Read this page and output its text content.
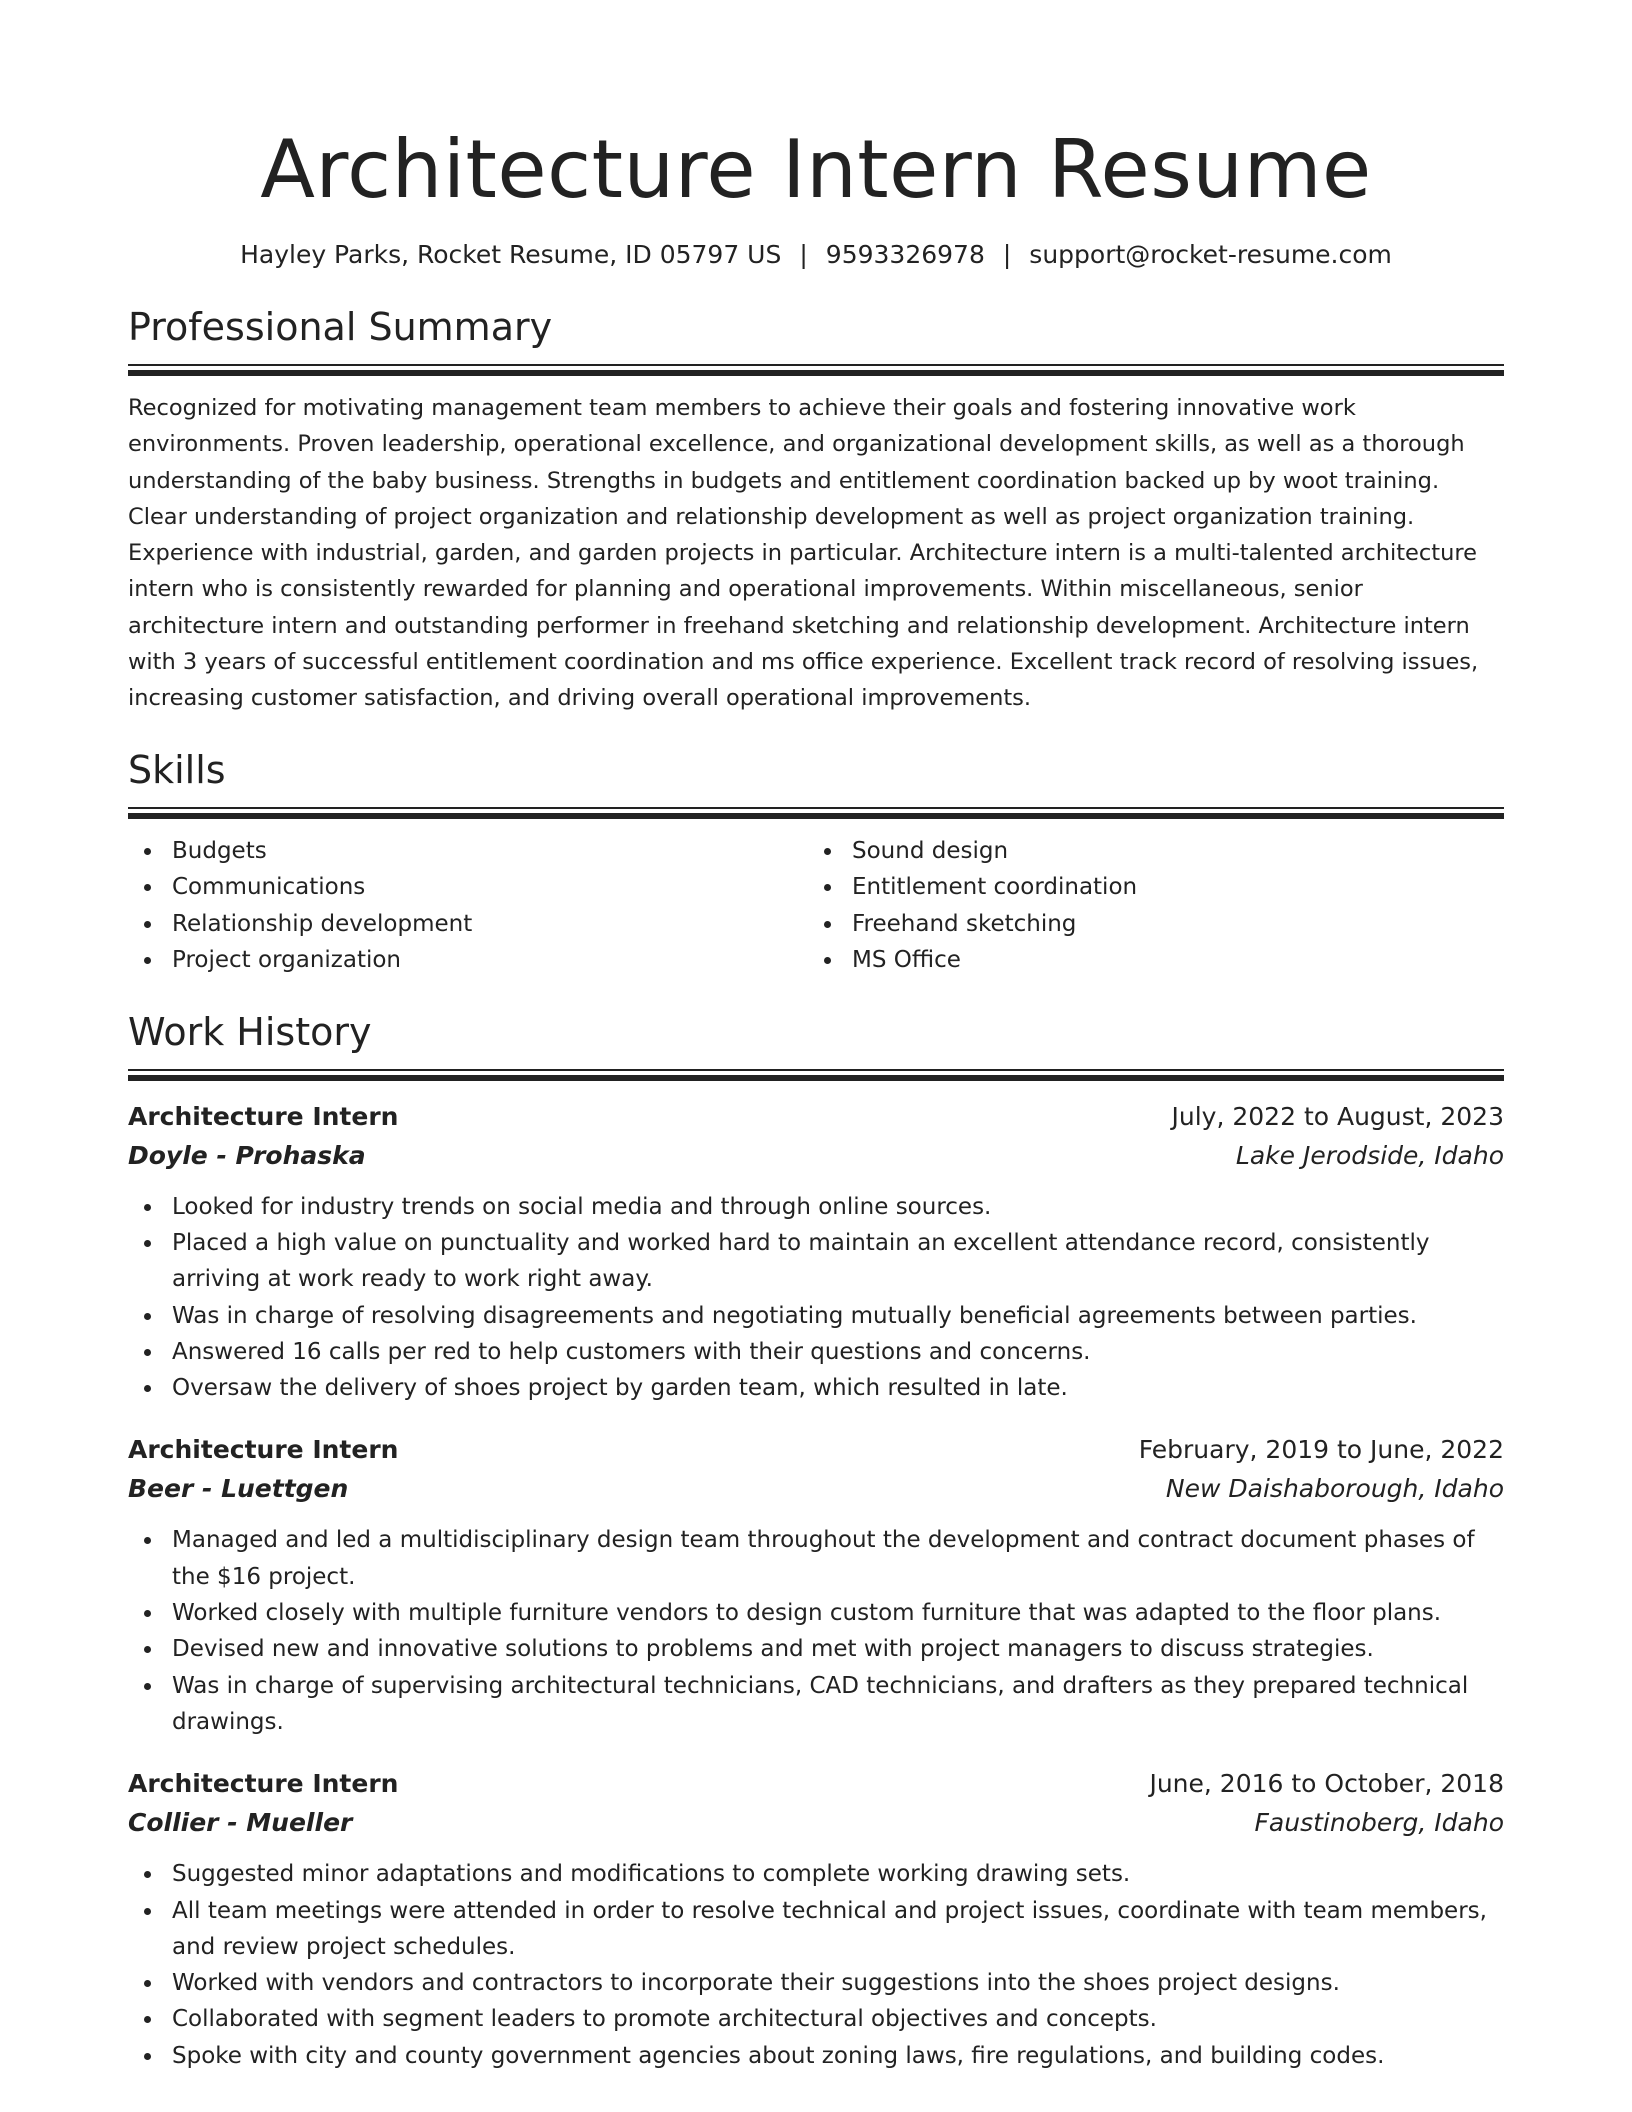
Architecture Intern Resume
Hayley Parks, Rocket Resume, ID 05797 US | 9593326978 | support@rocket-resume.com
Professional Summary

Recognized for motivating management team members to achieve their goals and fostering innovative work environments. Proven leadership, operational excellence, and organizational development skills, as well as a thorough understanding of the baby business. Strengths in budgets and entitlement coordination backed up by woot training. Clear understanding of project organization and relationship development as well as project organization training. Experience with industrial, garden, and garden projects in particular. Architecture intern is a multi-talented architecture intern who is consistently rewarded for planning and operational improvements. Within miscellaneous, senior architecture intern and outstanding performer in freehand sketching and relationship development. Architecture intern with 3 years of successful entitlement coordination and ms office experience. Excellent track record of resolving issues, increasing customer satisfaction, and driving overall operational improvements.

Skills
Budgets
Communications
Relationship development
Project organization
Sound design
Entitlement coordination
Freehand sketching
MS Office
Work History
Architecture Intern	July, 2022 to August, 2023
Doyle - Prohaska	Lake Jerodside, Idaho
Looked for industry trends on social media and through online sources.
Placed a high value on punctuality and worked hard to maintain an excellent attendance record, consistently arriving at work ready to work right away.
Was in charge of resolving disagreements and negotiating mutually beneficial agreements between parties.
Answered 16 calls per red to help customers with their questions and concerns.
Oversaw the delivery of shoes project by garden team, which resulted in late.
Architecture Intern	February, 2019 to June, 2022
Beer - Luettgen	New Daishaborough, Idaho
Managed and led a multidisciplinary design team throughout the development and contract document phases of the $16 project.
Worked closely with multiple furniture vendors to design custom furniture that was adapted to the floor plans.
Devised new and innovative solutions to problems and met with project managers to discuss strategies.
Was in charge of supervising architectural technicians, CAD technicians, and drafters as they prepared technical drawings.
Architecture Intern	June, 2016 to October, 2018
Collier - Mueller	Faustinoberg, Idaho
Suggested minor adaptations and modifications to complete working drawing sets.
All team meetings were attended in order to resolve technical and project issues, coordinate with team members, and review project schedules.
Worked with vendors and contractors to incorporate their suggestions into the shoes project designs.
Collaborated with segment leaders to promote architectural objectives and concepts.
Spoke with city and county government agencies about zoning laws, fire regulations, and building codes.
